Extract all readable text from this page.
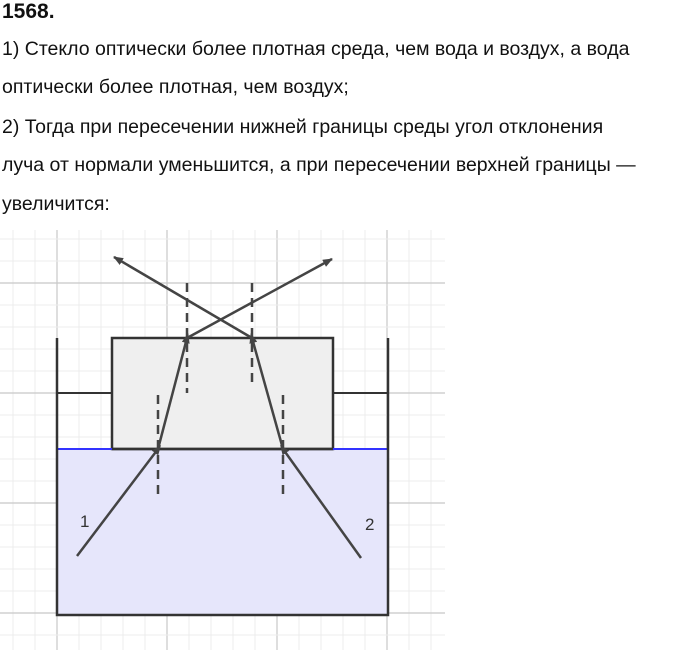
1568.
1) Стекло оптически более плотная среда, чем вода и воздух, а вода
оптически более плотная, чем воздух;
2) Тогда при пересечении нижней границы среды угол отклонения
луча от нормали уменьшится, а при пересечении верхней границы —
увеличится:
1	2
